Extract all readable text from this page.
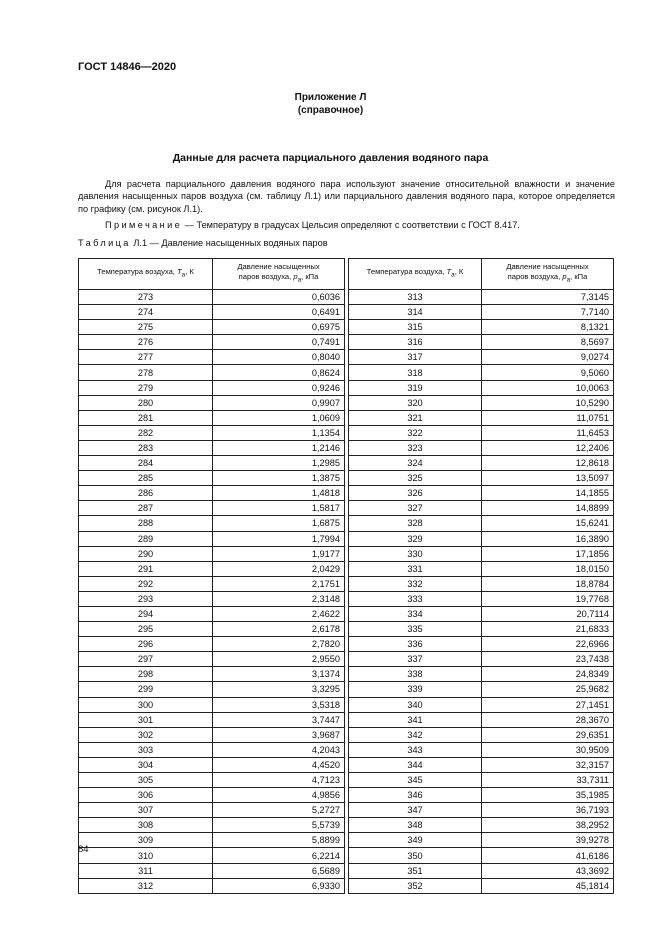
ГОСТ 14846—2020
Приложение Л
(справочное)
Данные для расчета парциального давления водяного пара
Для расчета парциального давления водяного пара используют значение относительной влажности и значение давления насыщенных паров воздуха (см. таблицу Л.1) или парциального давления водяного пара, которое определяется по графику (см. рисунок Л.1).
Примечание — Температуру в градусах Цельсия определяют с соответствии с ГОСТ 8.417.
Таблица Л.1 — Давление насыщенных водяных паров
Температура воздуха, $T_a$, К	Давление насыщенных
паров воздуха, $p_a$, кПа		Температура воздуха, $T_a$, К	Давление насыщенных
паров воздуха, $p_a$, кПа
273	0,6036		313	7,3145
274	0,6491		314	7,7140
275	0,6975		315	8,1321
276	0,7491		316	8,5697
277	0,8040		317	9,0274
278	0,8624		318	9,5060
279	0,9246		319	10,0063
280	0,9907		320	10,5290
281	1,0609		321	11,0751
282	1,1354		322	11,6453
283	1,2146		323	12,2406
284	1,2985		324	12,8618
285	1,3875		325	13,5097
286	1,4818		326	14,1855
287	1,5817		327	14,8899
288	1,6875		328	15,6241
289	1,7994		329	16,3890
290	1,9177		330	17,1856
291	2,0429		331	18,0150
292	2,1751		332	18,8784
293	2,3148		333	19,7768
294	2,4622		334	20,7114
295	2,6178		335	21,6833
296	2,7820		336	22,6966
297	2,9550		337	23,7438
298	3,1374		338	24,8349
299	3,3295		339	25,9682
300	3,5318		340	27,1451
301	3,7447		341	28,3670
302	3,9687		342	29,6351
303	4,2043		343	30,9509
304	4,4520		344	32,3157
305	4,7123		345	33,7311
306	4,9856		346	35,1985
307	5,2727		347	36,7193
308	5,5739		348	38,2952
309	5,8899		349	39,9278
310	6,2214		350	41,6186
311	6,5689		351	43,3692
312	6,9330		352	45,1814
84
